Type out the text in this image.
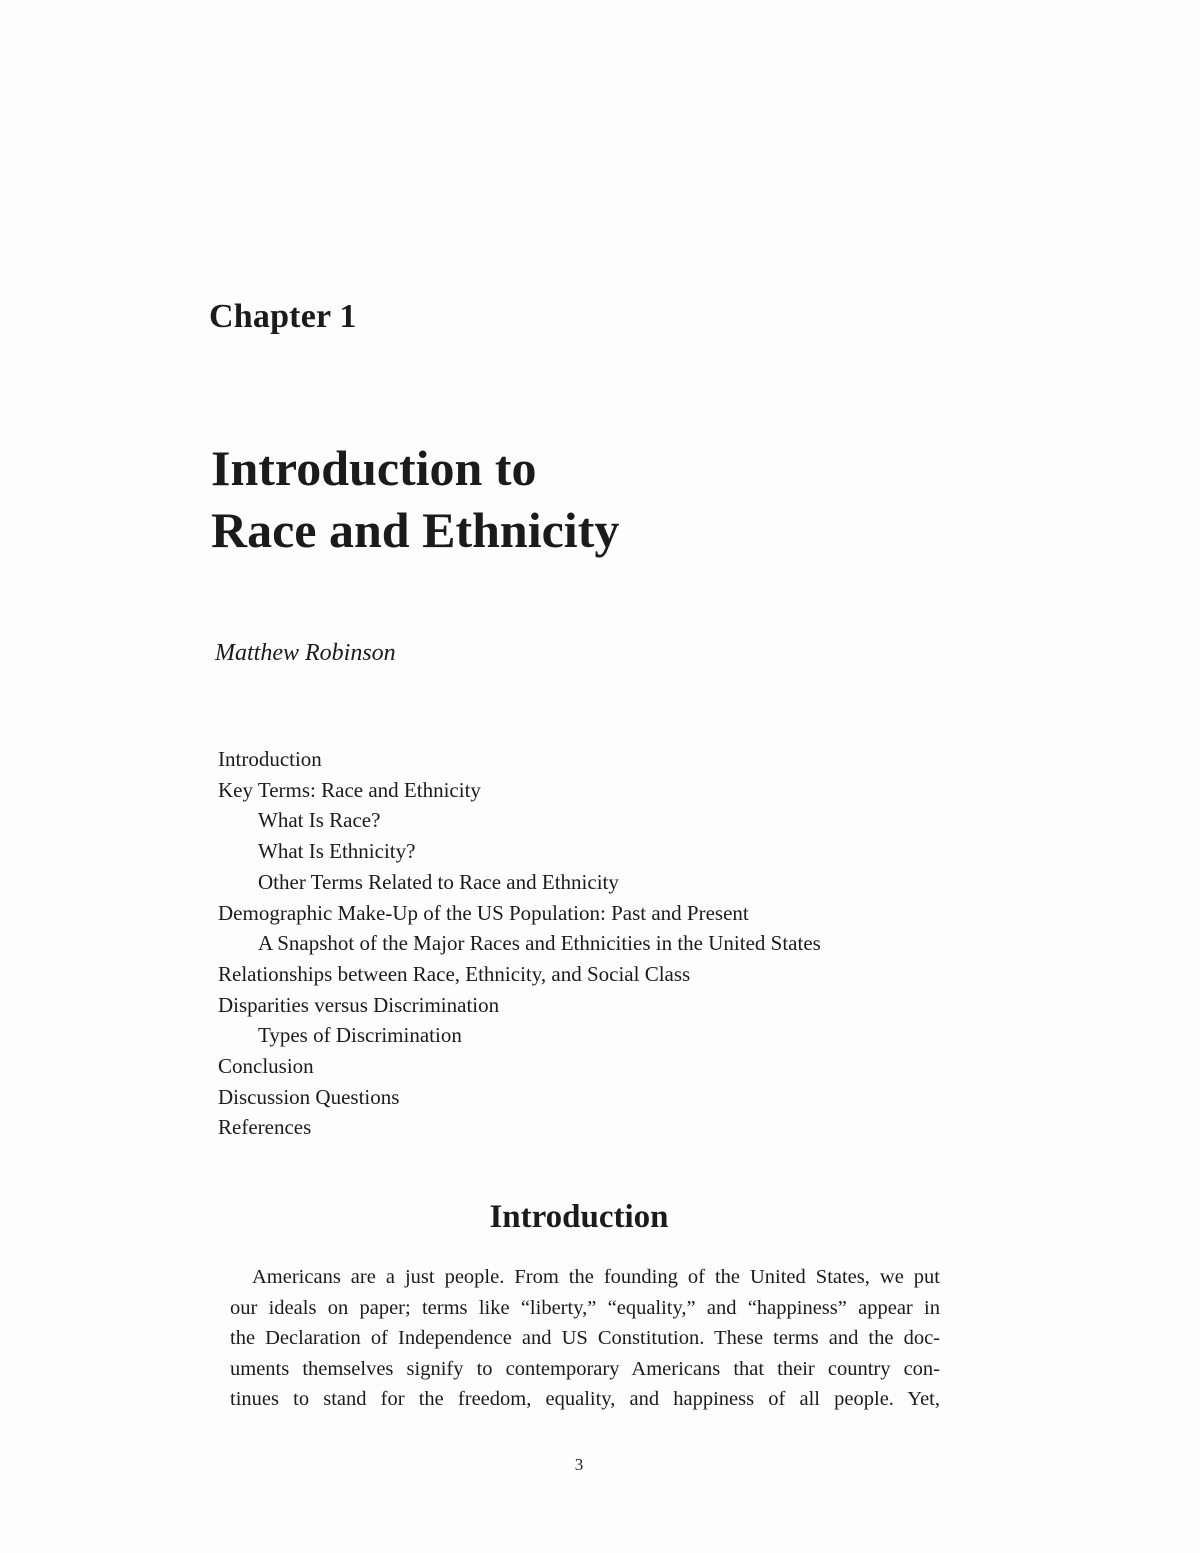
Chapter 1
Introduction to
Race and Ethnicity
Matthew Robinson
Introduction
Key Terms: Race and Ethnicity
What Is Race?
What Is Ethnicity?
Other Terms Related to Race and Ethnicity
Demographic Make-Up of the US Population: Past and Present
A Snapshot of the Major Races and Ethnicities in the United States
Relationships between Race, Ethnicity, and Social Class
Disparities versus Discrimination
Types of Discrimination
Conclusion
Discussion Questions
References
Introduction
Americans are a just people. From the founding of the United States, we put
our ideals on paper; terms like “liberty,” “equality,” and “happiness” appear in
the Declaration of Independence and US Constitution. These terms and the doc-
uments themselves signify to contemporary Americans that their country con-
tinues to stand for the freedom, equality, and happiness of all people. Yet,
3
